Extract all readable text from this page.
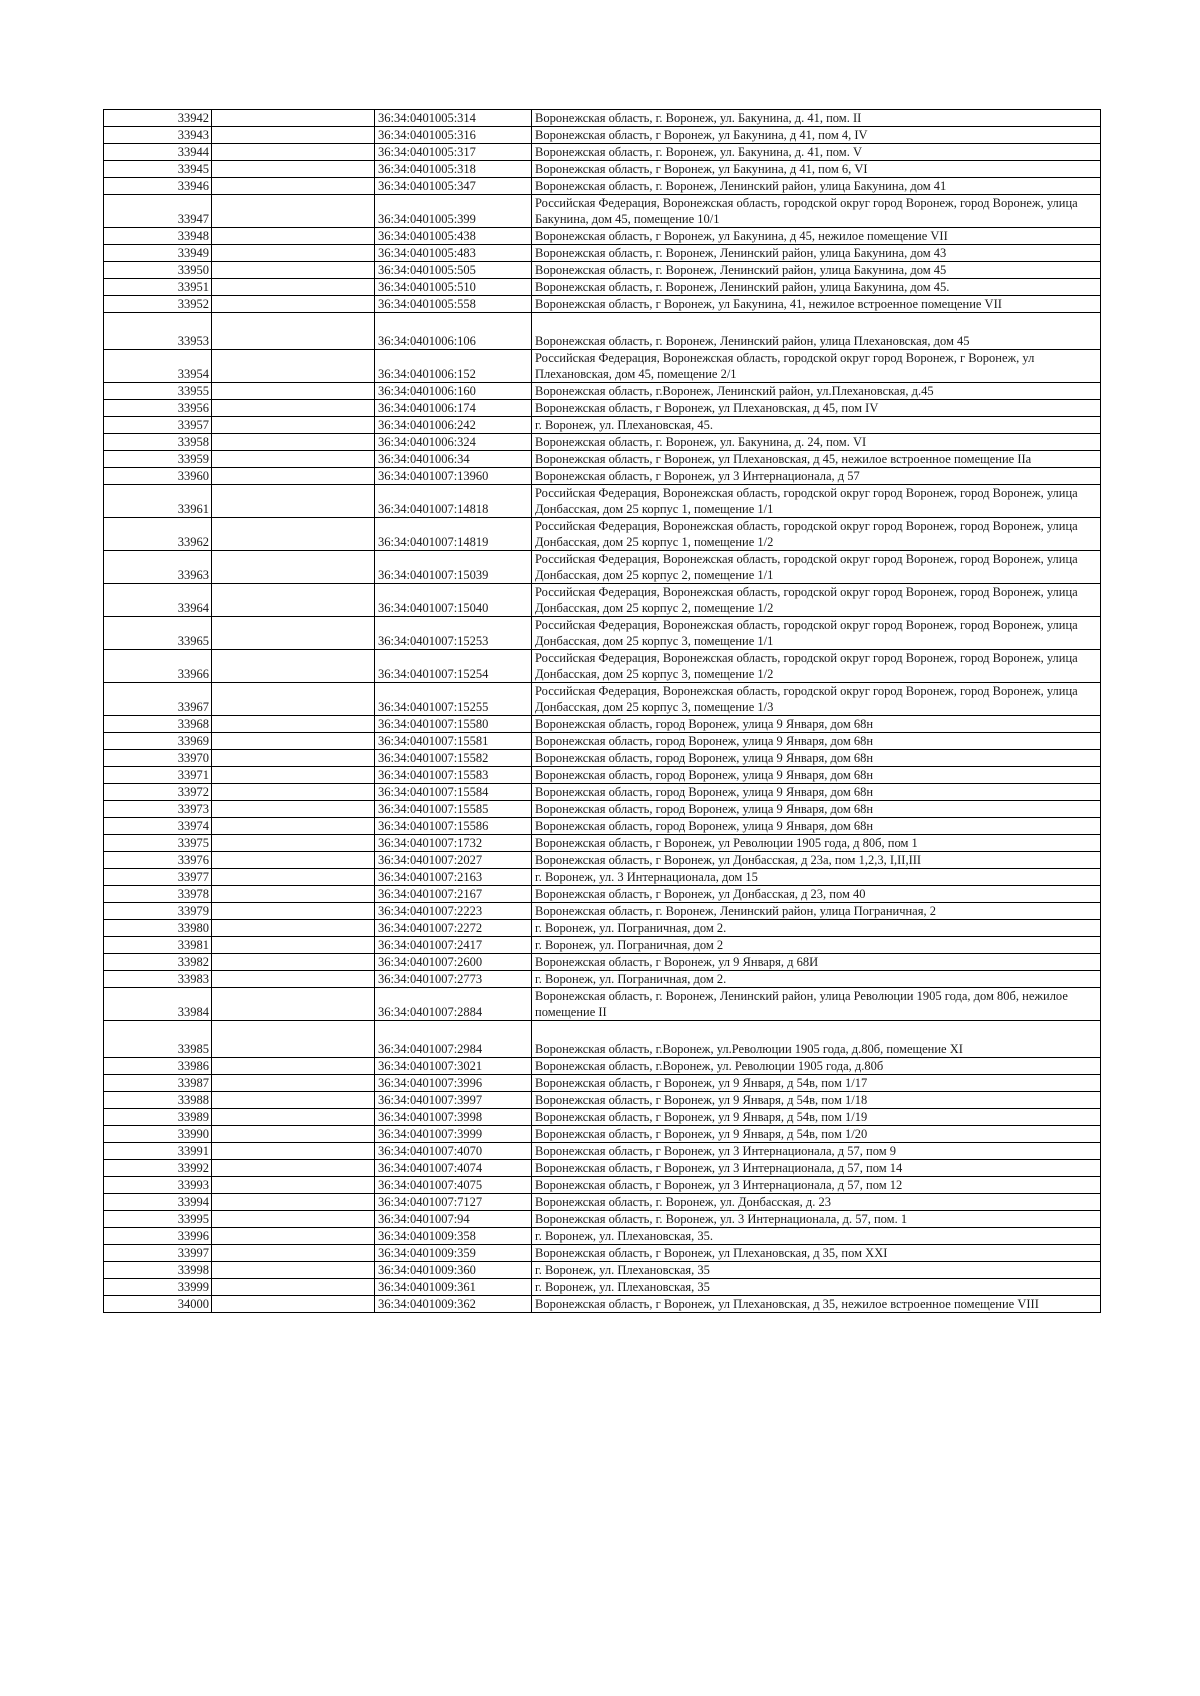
33942		36:34:0401005:314	Воронежская область, г. Воронеж, ул. Бакунина, д. 41, пом. II
33943		36:34:0401005:316	Воронежская область, г Воронеж, ул Бакунина, д 41, пом 4, IV
33944		36:34:0401005:317	Воронежская область, г. Воронеж, ул. Бакунина, д. 41, пом. V
33945		36:34:0401005:318	Воронежская область, г Воронеж, ул Бакунина, д 41, пом 6, VI
33946		36:34:0401005:347	Воронежская область, г. Воронеж, Ленинский район, улица Бакунина, дом 41
33947		36:34:0401005:399	Российская Федерация, Воронежская область, городской округ город Воронеж, город Воронеж, улица Бакунина, дом 45, помещение 10/1
33948		36:34:0401005:438	Воронежская область, г Воронеж, ул Бакунина, д 45, нежилое помещение VII
33949		36:34:0401005:483	Воронежская область, г. Воронеж, Ленинский район, улица Бакунина, дом 43
33950		36:34:0401005:505	Воронежская область, г. Воронеж, Ленинский район, улица Бакунина, дом 45
33951		36:34:0401005:510	Воронежская область, г. Воронеж, Ленинский район, улица Бакунина, дом 45.
33952		36:34:0401005:558	Воронежская область, г Воронеж, ул Бакунина, 41, нежилое встроенное помещение VII
33953		36:34:0401006:106	Воронежская область, г. Воронеж, Ленинский район, улица Плехановская, дом 45
33954		36:34:0401006:152	Российская Федерация, Воронежская область, городской округ город Воронеж, г Воронеж, ул Плехановская, дом 45, помещение 2/1
33955		36:34:0401006:160	Воронежская область, г.Воронеж, Ленинский район, ул.Плехановская, д.45
33956		36:34:0401006:174	Воронежская область, г Воронеж, ул Плехановская, д 45, пом IV
33957		36:34:0401006:242	г. Воронеж, ул. Плехановская, 45.
33958		36:34:0401006:324	Воронежская область, г. Воронеж, ул. Бакунина, д. 24, пом. VI
33959		36:34:0401006:34	Воронежская область, г Воронеж, ул Плехановская, д 45, нежилое встроенное помещение IIа
33960		36:34:0401007:13960	Воронежская область, г Воронеж, ул 3 Интернационала, д 57
33961		36:34:0401007:14818	Российская Федерация, Воронежская область, городской округ город Воронеж, город Воронеж, улица Донбасская, дом 25 корпус 1, помещение 1/1
33962		36:34:0401007:14819	Российская Федерация, Воронежская область, городской округ город Воронеж, город Воронеж, улица Донбасская, дом 25 корпус 1, помещение 1/2
33963		36:34:0401007:15039	Российская Федерация, Воронежская область, городской округ город Воронеж, город Воронеж, улица Донбасская, дом 25 корпус 2, помещение 1/1
33964		36:34:0401007:15040	Российская Федерация, Воронежская область, городской округ город Воронеж, город Воронеж, улица Донбасская, дом 25 корпус 2, помещение 1/2
33965		36:34:0401007:15253	Российская Федерация, Воронежская область, городской округ город Воронеж, город Воронеж, улица Донбасская, дом 25 корпус 3, помещение 1/1
33966		36:34:0401007:15254	Российская Федерация, Воронежская область, городской округ город Воронеж, город Воронеж, улица Донбасская, дом 25 корпус 3, помещение 1/2
33967		36:34:0401007:15255	Российская Федерация, Воронежская область, городской округ город Воронеж, город Воронеж, улица Донбасская, дом 25 корпус 3, помещение 1/3
33968		36:34:0401007:15580	Воронежская область, город Воронеж, улица 9 Января, дом 68н
33969		36:34:0401007:15581	Воронежская область, город Воронеж, улица 9 Января, дом 68н
33970		36:34:0401007:15582	Воронежская область, город Воронеж, улица 9 Января, дом 68н
33971		36:34:0401007:15583	Воронежская область, город Воронеж, улица 9 Января, дом 68н
33972		36:34:0401007:15584	Воронежская область, город Воронеж, улица 9 Января, дом 68н
33973		36:34:0401007:15585	Воронежская область, город Воронеж, улица 9 Января, дом 68н
33974		36:34:0401007:15586	Воронежская область, город Воронеж, улица 9 Января, дом 68н
33975		36:34:0401007:1732	Воронежская область, г Воронеж, ул Революции 1905 года, д 80б, пом 1
33976		36:34:0401007:2027	Воронежская область, г Воронеж, ул Донбасская, д 23а, пом 1,2,3, I,II,III
33977		36:34:0401007:2163	г. Воронеж, ул. 3 Интернационала, дом 15
33978		36:34:0401007:2167	Воронежская область, г Воронеж, ул Донбасская, д 23, пом 40
33979		36:34:0401007:2223	Воронежская область, г. Воронеж, Ленинский район, улица Пограничная, 2
33980		36:34:0401007:2272	г. Воронеж, ул. Пограничная, дом 2.
33981		36:34:0401007:2417	г. Воронеж, ул. Пограничная, дом 2
33982		36:34:0401007:2600	Воронежская область, г Воронеж, ул 9 Января, д 68И
33983		36:34:0401007:2773	г. Воронеж, ул. Пограничная, дом 2.
33984		36:34:0401007:2884	Воронежская область, г. Воронеж, Ленинский район, улица Революции 1905 года, дом 80б, нежилое помещение II
33985		36:34:0401007:2984	Воронежская область, г.Воронеж, ул.Революции 1905 года, д.80б, помещение XI
33986		36:34:0401007:3021	Воронежская область, г.Воронеж, ул. Революции 1905 года, д.80б
33987		36:34:0401007:3996	Воронежская область, г Воронеж, ул 9 Января, д 54в, пом 1/17
33988		36:34:0401007:3997	Воронежская область, г Воронеж, ул 9 Января, д 54в, пом 1/18
33989		36:34:0401007:3998	Воронежская область, г Воронеж, ул 9 Января, д 54в, пом 1/19
33990		36:34:0401007:3999	Воронежская область, г Воронеж, ул 9 Января, д 54в, пом 1/20
33991		36:34:0401007:4070	Воронежская область, г Воронеж, ул 3 Интернационала, д 57, пом 9
33992		36:34:0401007:4074	Воронежская область, г Воронеж, ул 3 Интернационала, д 57, пом 14
33993		36:34:0401007:4075	Воронежская область, г Воронеж, ул 3 Интернационала, д 57, пом 12
33994		36:34:0401007:7127	Воронежская область, г. Воронеж, ул. Донбасская, д. 23
33995		36:34:0401007:94	Воронежская область, г. Воронеж, ул. 3 Интернационала, д. 57, пом. 1
33996		36:34:0401009:358	г. Воронеж, ул. Плехановская, 35.
33997		36:34:0401009:359	Воронежская область, г Воронеж, ул Плехановская, д 35, пом XXI
33998		36:34:0401009:360	г. Воронеж, ул. Плехановская, 35
33999		36:34:0401009:361	г. Воронеж, ул. Плехановская, 35
34000		36:34:0401009:362	Воронежская область, г Воронеж, ул Плехановская, д 35, нежилое встроенное помещение VIII
